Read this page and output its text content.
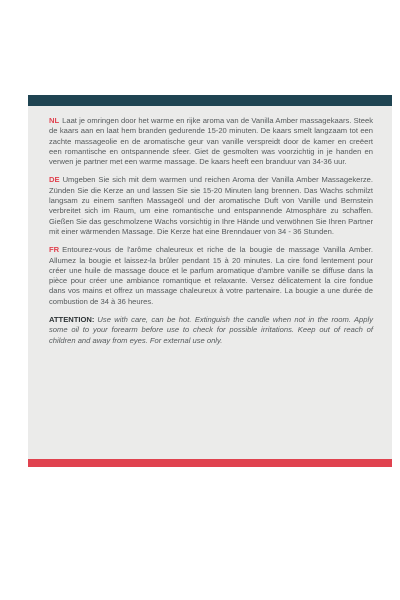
NL Laat je omringen door het warme en rijke aroma van de Vanilla Amber massagekaars. Steek de kaars aan en laat hem branden gedurende 15-20 minuten. De kaars smelt langzaam tot een zachte massageolie en de aromatische geur van vanille verspreidt door de kamer en creëert een romantische en ontspannende sfeer. Giet de gesmolten was voorzichtig in je handen en verwen je partner met een warme massage. De kaars heeft een branduur van 34-36 uur.

DE Umgeben Sie sich mit dem warmen und reichen Aroma der Vanilla Amber Massagekerze. Zünden Sie die Kerze an und lassen Sie sie 15-20 Minuten lang brennen. Das Wachs schmilzt langsam zu einem sanften Massageöl und der aromatische Duft von Vanille und Bernstein verbreitet sich im Raum, um eine romantische und entspannende Atmosphäre zu schaffen. Gießen Sie das geschmolzene Wachs vorsichtig in Ihre Hände und verwöhnen Sie Ihren Partner mit einer wärmenden Massage. Die Kerze hat eine Brenndauer von 34 - 36 Stunden.

FR Entourez-vous de l'arôme chaleureux et riche de la bougie de massage Vanilla Amber. Allumez la bougie et laissez-la brûler pendant 15 à 20 minutes. La cire fond lentement pour créer une huile de massage douce et le parfum aromatique d'ambre vanille se diffuse dans la pièce pour créer une ambiance romantique et relaxante. Versez délicatement la cire fondue dans vos mains et offrez un massage chaleureux à votre partenaire. La bougie a une durée de combustion de 34 à 36 heures.

ATTENTION: Use with care, can be hot. Extinguish the candle when not in the room. Apply some oil to your forearm before use to check for possible irritations. Keep out of reach of children and away from eyes. For external use only.
